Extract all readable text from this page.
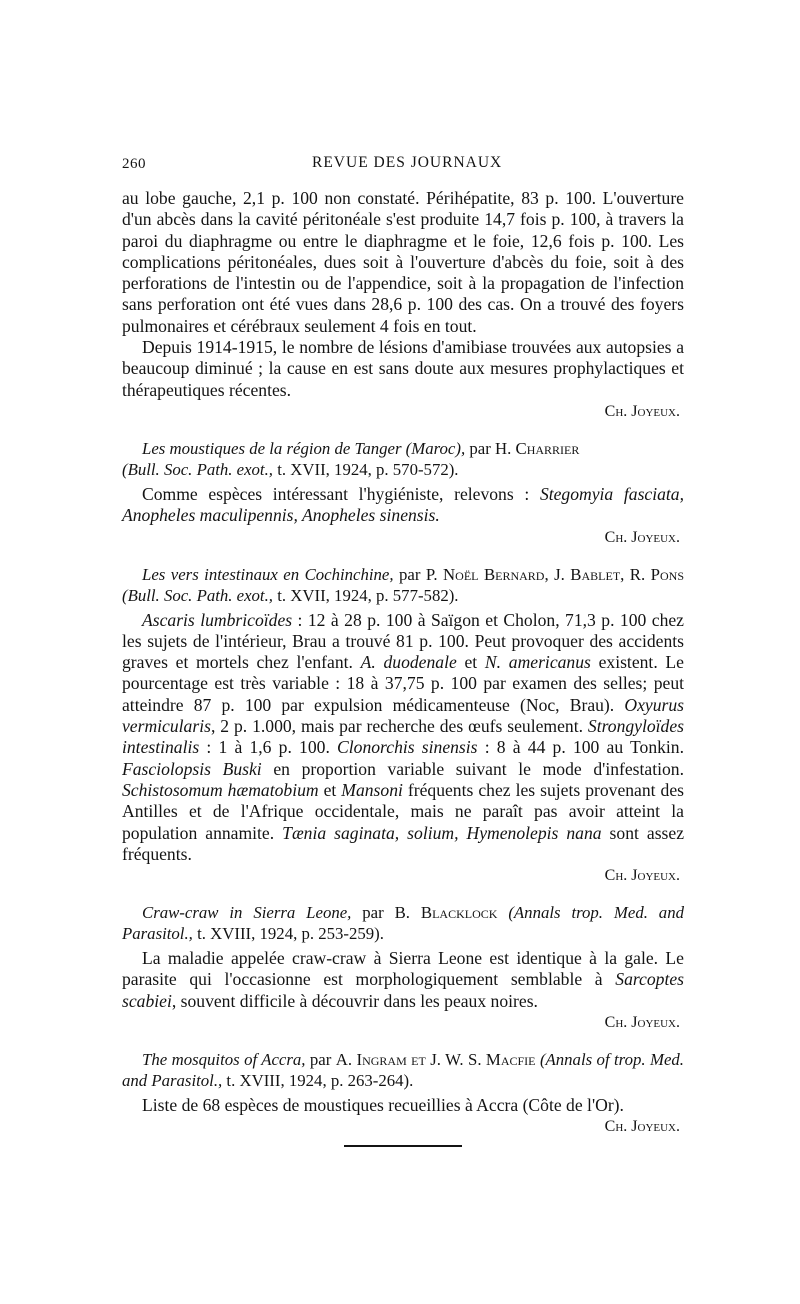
260	REVUE DES JOURNAUX

au lobe gauche, 2,1 p. 100 non constaté. Périhépatite, 83 p. 100. L'ouverture d'un abcès dans la cavité péritonéale s'est produite 14,7 fois p. 100, à travers la paroi du diaphragme ou entre le diaphragme et le foie, 12,6 fois p. 100. Les complications péritonéales, dues soit à l'ouverture d'abcès du foie, soit à des perforations de l'intestin ou de l'appendice, soit à la propagation de l'infection sans perforation ont été vues dans 28,6 p. 100 des cas. On a trouvé des foyers pulmonaires et cérébraux seulement 4 fois en tout.

Depuis 1914-1915, le nombre de lésions d'amibiase trouvées aux autopsies a beaucoup diminué ; la cause en est sans doute aux mesures prophylactiques et thérapeutiques récentes.

Ch. Joyeux.

Les moustiques de la région de Tanger (Maroc), par H. Charrier
(Bull. Soc. Path. exot., t. XVII, 1924, p. 570-572).

Comme espèces intéressant l'hygiéniste, relevons : Stegomyia fasciata, Anopheles maculipennis, Anopheles sinensis.

Ch. Joyeux.

Les vers intestinaux en Cochinchine, par P. Noël Bernard, J. Bablet, R. Pons (Bull. Soc. Path. exot., t. XVII, 1924, p. 577-582).

Ascaris lumbricoïdes : 12 à 28 p. 100 à Saïgon et Cholon, 71,3 p. 100 chez les sujets de l'intérieur, Brau a trouvé 81 p. 100. Peut provoquer des accidents graves et mortels chez l'enfant. A. duodenale et N. americanus existent. Le pourcentage est très variable : 18 à 37,75 p. 100 par examen des selles; peut atteindre 87 p. 100 par expulsion médicamenteuse (Noc, Brau). Oxyurus vermicularis, 2 p. 1.000, mais par recherche des œufs seulement. Strongyloïdes intestinalis : 1 à 1,6 p. 100. Clonorchis sinensis : 8 à 44 p. 100 au Tonkin. Fasciolopsis Buski en proportion variable suivant le mode d'infestation. Schistosomum hæmatobium et Mansoni fréquents chez les sujets provenant des Antilles et de l'Afrique occidentale, mais ne paraît pas avoir atteint la population annamite. Tænia saginata, solium, Hymenolepis nana sont assez fréquents.

Ch. Joyeux.

Craw-craw in Sierra Leone, par B. Blacklock (Annals trop. Med. and Parasitol., t. XVIII, 1924, p. 253-259).

La maladie appelée craw-craw à Sierra Leone est identique à la gale. Le parasite qui l'occasionne est morphologiquement semblable à Sarcoptes scabiei, souvent difficile à découvrir dans les peaux noires.

Ch. Joyeux.

The mosquitos of Accra, par A. Ingram et J. W. S. Macfie (Annals of trop. Med. and Parasitol., t. XVIII, 1924, p. 263-264).

Liste de 68 espèces de moustiques recueillies à Accra (Côte de l'Or).

Ch. Joyeux.
